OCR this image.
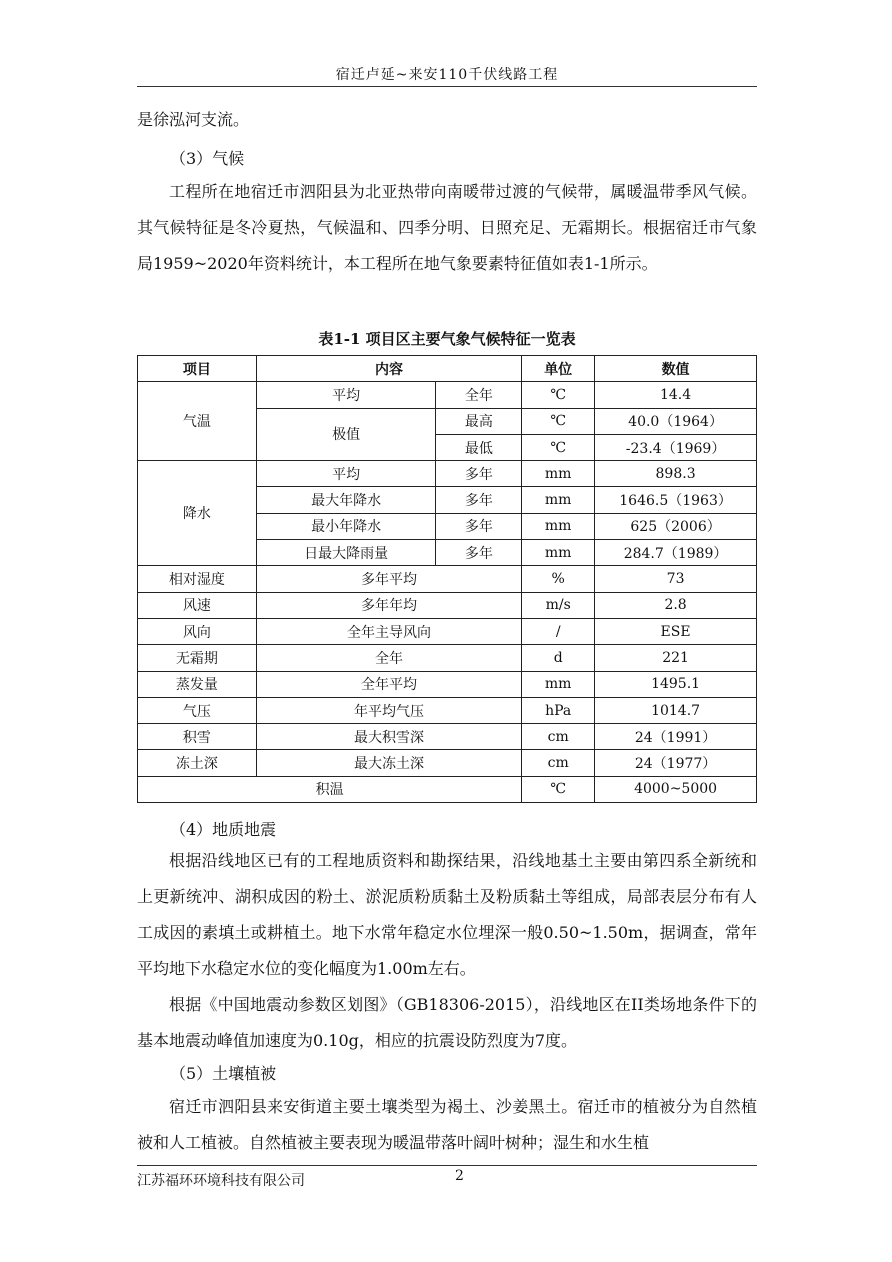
宿迁卢延~来安110千伏线路工程
是徐泓河支流。
（3）气候
工程所在地宿迁市泗阳县为北亚热带向南暖带过渡的气候带，属暖温带季风气候。其气候特征是冬冷夏热，气候温和、四季分明、日照充足、无霜期长。根据宿迁市气象局1959~2020年资料统计，本工程所在地气象要素特征值如表1-1所示。
表1-1 项目区主要气象气候特征一览表
项目	内容		单位	数值
气温	平均	全年	℃	14.4
	极值	最高	℃	40.0（1964）
		最低	℃	-23.4（1969）
降水	平均	多年	mm	898.3
	最大年降水	多年	mm	1646.5（1963）
	最小年降水	多年	mm	625（2006）
	日最大降雨量	多年	mm	284.7（1989）
相对湿度	多年平均		%	73
风速	多年年均		m/s	2.8
风向	全年主导风向		/	ESE
无霜期	全年		d	221
蒸发量	全年平均		mm	1495.1
气压	年平均气压		hPa	1014.7
积雪	最大积雪深		cm	24（1991）
冻土深	最大冻土深		cm	24（1977）
积温			℃	4000~5000
（4）地质地震
根据沿线地区已有的工程地质资料和勘探结果，沿线地基土主要由第四系全新统和上更新统冲、湖积成因的粉土、淤泥质粉质黏土及粉质黏土等组成，局部表层分布有人工成因的素填土或耕植土。地下水常年稳定水位埋深一般0.50~1.50m，据调查，常年平均地下水稳定水位的变化幅度为1.00m左右。
根据《中国地震动参数区划图》（GB18306-2015），沿线地区在II类场地条件下的基本地震动峰值加速度为0.10g，相应的抗震设防烈度为7度。
（5）土壤植被
宿迁市泗阳县来安街道主要土壤类型为褐土、沙姜黑土。宿迁市的植被分为自然植被和人工植被。自然植被主要表现为暖温带落叶阔叶树种；湿生和水生植
江苏福环环境科技有限公司	2
